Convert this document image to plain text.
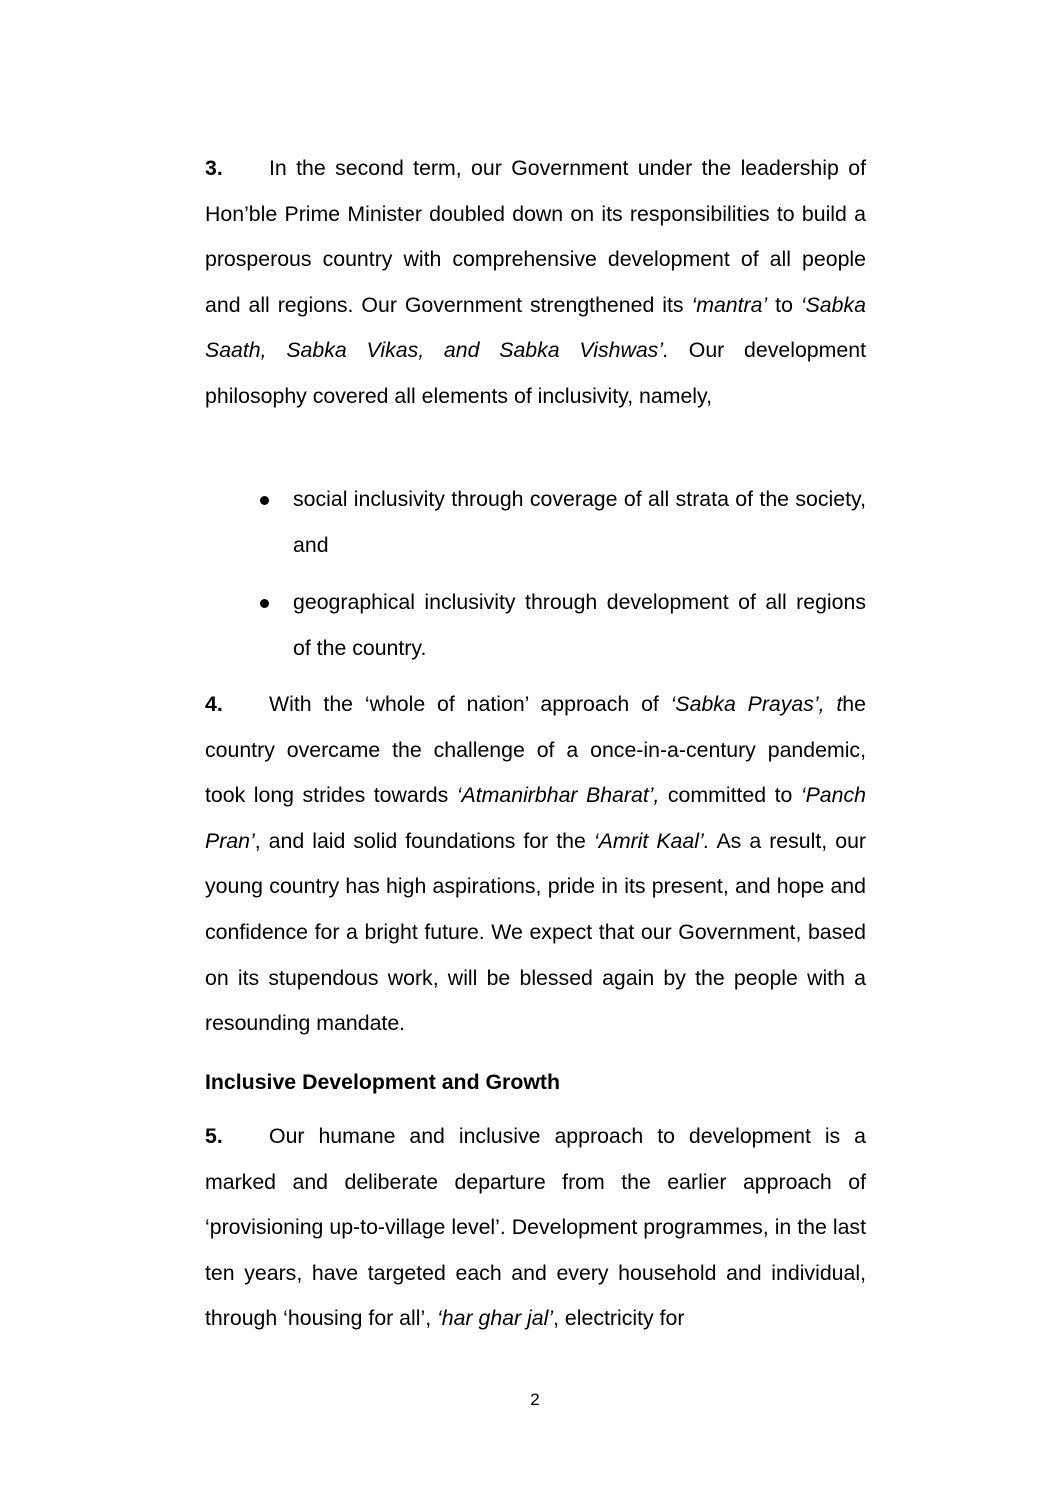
3. In the second term, our Government under the leadership of Hon’ble Prime Minister doubled down on its responsibilities to build a prosperous country with comprehensive development of all people and all regions. Our Government strengthened its ‘mantra’ to ‘Sabka Saath, Sabka Vikas, and Sabka Vishwas’. Our development philosophy covered all elements of inclusivity, namely,

social inclusivity through coverage of all strata of the society, and
geographical inclusivity through development of all regions of the country.

4. With the ‘whole of nation’ approach of ‘Sabka Prayas’, the country overcame the challenge of a once-in-a-century pandemic, took long strides towards ‘Atmanirbhar Bharat’, committed to ‘Panch Pran’, and laid solid foundations for the ‘Amrit Kaal’. As a result, our young country has high aspirations, pride in its present, and hope and confidence for a bright future. We expect that our Government, based on its stupendous work, will be blessed again by the people with a resounding mandate.

Inclusive Development and Growth

5. Our humane and inclusive approach to development is a marked and deliberate departure from the earlier approach of ‘provisioning up-to-village level’. Development programmes, in the last ten years, have targeted each and every household and individual, through ‘housing for all’, ‘har ghar jal’, electricity for

2
